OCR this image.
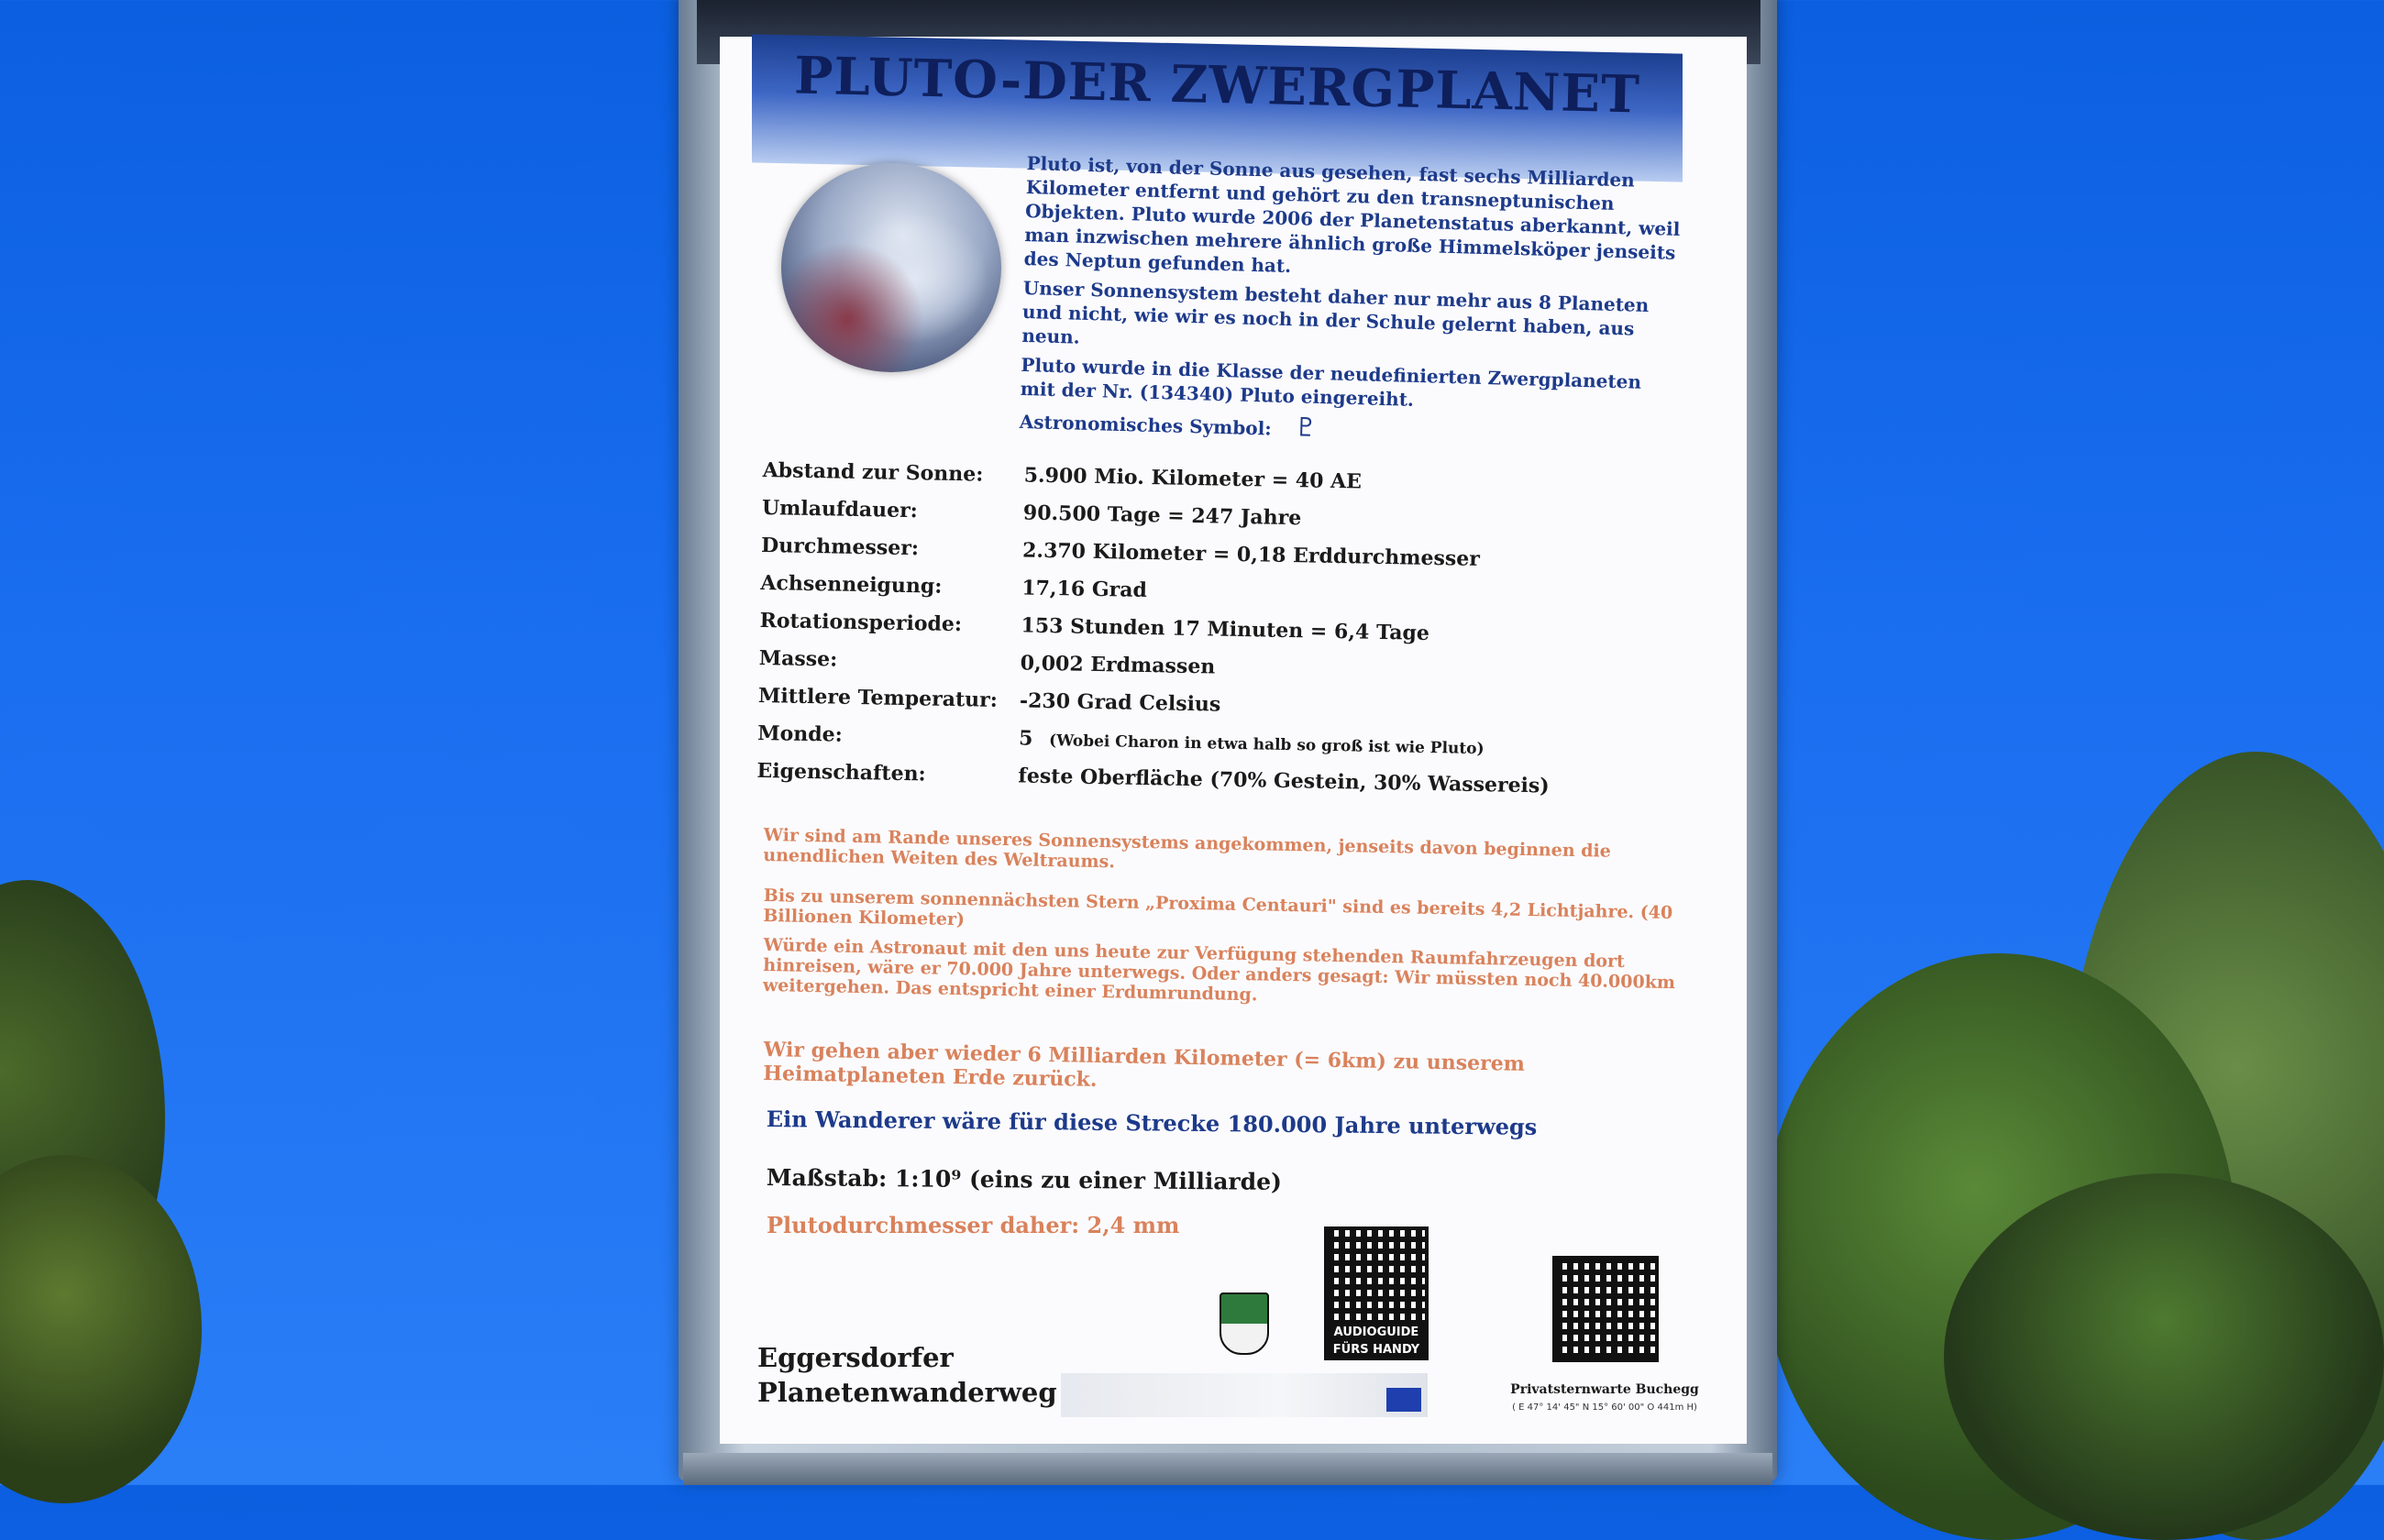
PLUTO-DER ZWERGPLANET

Pluto ist, von der Sonne aus gesehen, fast sechs Milliarden Kilometer entfernt und gehört zu den transneptunischen Objekten. Pluto wurde 2006 der Planetenstatus aberkannt, weil man inzwischen mehrere ähnlich große Himmelsköper jenseits des Neptun gefunden hat.

Unser Sonnensystem besteht daher nur mehr aus 8 Planeten und nicht, wie wir es noch in der Schule gelernt haben, aus neun.

Pluto wurde in die Klasse der neudefinierten Zwergplaneten mit der Nr. (134340) Pluto eingereiht.

Astronomisches Symbol: ♇
Abstand zur Sonne:	5.900 Mio. Kilometer = 40 AE
Umlaufdauer:	90.500 Tage = 247 Jahre
Durchmesser:	2.370 Kilometer = 0,18 Erddurchmesser
Achsenneigung:	17,16 Grad
Rotationsperiode:	153 Stunden 17 Minuten = 6,4 Tage
Masse:	0,002 Erdmassen
Mittlere Temperatur:	-230 Grad Celsius
Monde:	5 (Wobei Charon in etwa halb so groß ist wie Pluto)
Eigenschaften:	feste Oberfläche (70% Gestein, 30% Wassereis)

Wir sind am Rande unseres Sonnensystems angekommen, jenseits davon beginnen die unendlichen Weiten des Weltraums.

Bis zu unserem sonnennächsten Stern „Proxima Centauri" sind es bereits 4,2 Lichtjahre. (40 Billionen Kilometer)

Würde ein Astronaut mit den uns heute zur Verfügung stehenden Raumfahrzeugen dort hinreisen, wäre er 70.000 Jahre unterwegs. Oder anders gesagt: Wir müssten noch 40.000km weitergehen. Das entspricht einer Erdumrundung.

Wir gehen aber wieder 6 Milliarden Kilometer (= 6km) zu unserem Heimatplaneten Erde zurück.

Ein Wanderer wäre für diese Strecke 180.000 Jahre unterwegs
Maßstab: 1:10⁹ (eins zu einer Milliarde)
Plutodurchmesser daher: 2,4 mm
Eggersdorfer
Planetenwanderweg
AUDIOGUIDE
FÜRS HANDY
Privatsternwarte Buchegg
( E 47° 14' 45" N 15° 60' 00" O 441m H)
